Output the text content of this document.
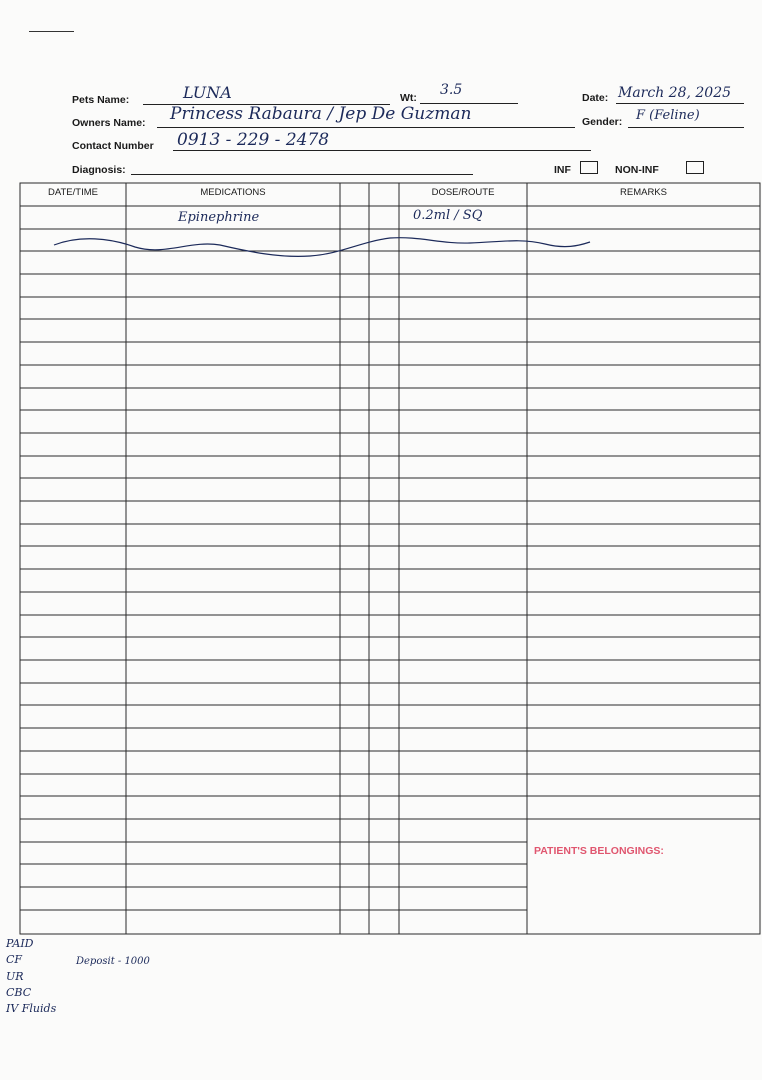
Pets Name:	LUNA	Wt: 3.5	Date: March 28, 2025
Owners Name: Princess Rabaura / Jep De Guzman	Gender: F (Feline)
Contact Number 0913 - 229 - 2478
Diagnosis:	INF	NON-INF
DATE/TIME	MEDICATIONS	DOSE/ROUTE	REMARKS
Epinephrine	0.2ml / SQ
PATIENT'S BELONGINGS:
PAID
CF
UR
CBC
IV Fluids
Deposit - 1000
